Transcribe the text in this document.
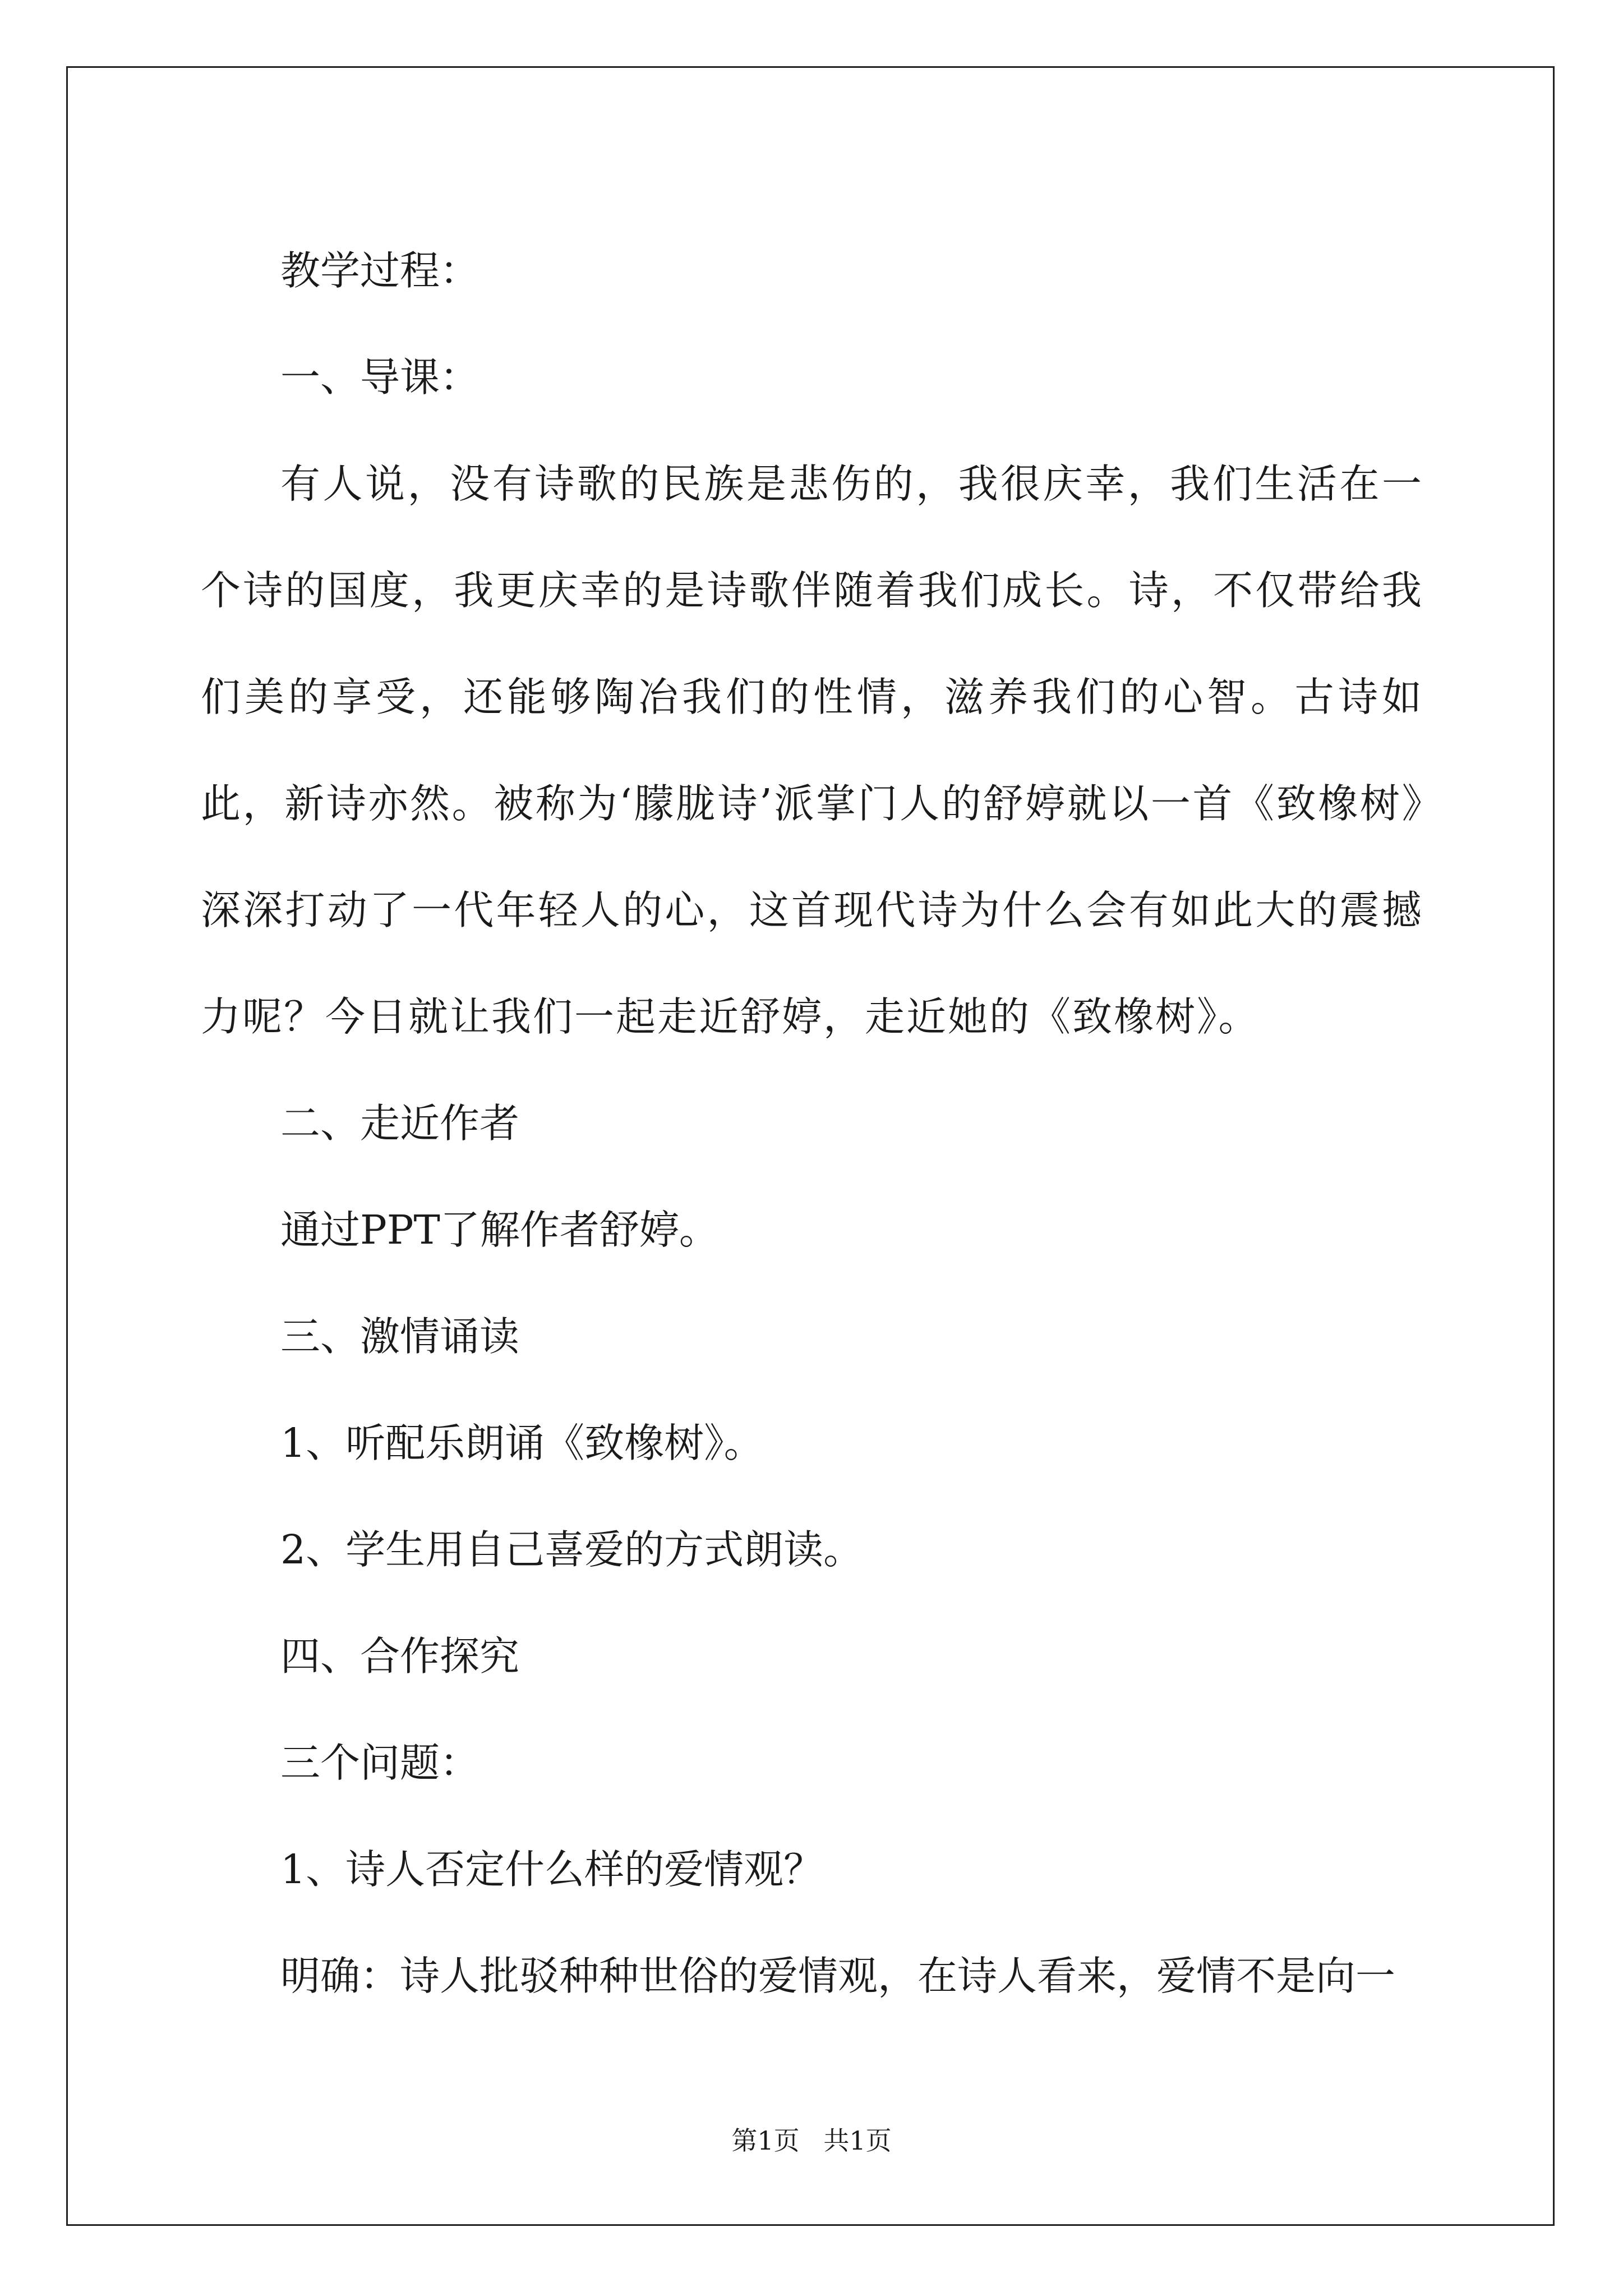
教学过程：

一、导课：

有人说，没有诗歌的民族是悲伤的，我很庆幸，我们生活在一个诗的国度，我更庆幸的是诗歌伴随着我们成长。诗，不仅带给我们美的享受，还能够陶冶我们的性情，滋养我们的心智。古诗如此，新诗亦然。被称为‘朦胧诗’派掌门人的舒婷就以一首《致橡树》深深打动了一代年轻人的心，这首现代诗为什么会有如此大的震撼力呢？今日就让我们一起走近舒婷，走近她的《致橡树》。

二、走近作者

通过PPT了解作者舒婷。

三、激情诵读

1、听配乐朗诵《致橡树》。

2、学生用自己喜爱的方式朗读。

四、合作探究

三个问题：

1、诗人否定什么样的爱情观？

明确：诗人批驳种种世俗的爱情观，在诗人看来，爱情不是向一

第1页 共1页
